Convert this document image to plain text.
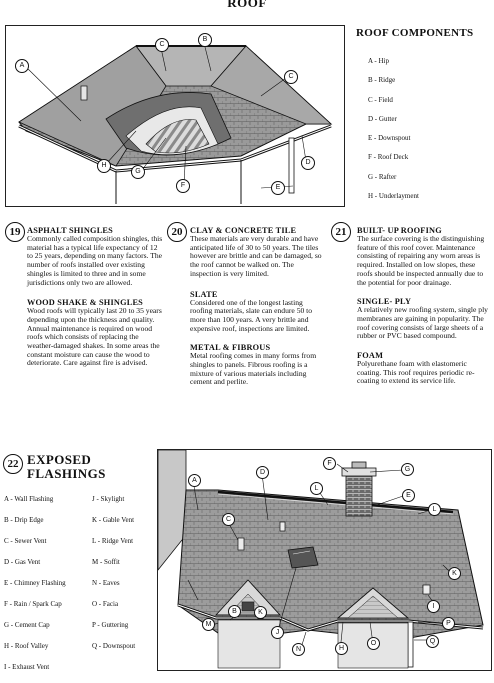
ROOF
A
B
C
C
D
E
F
G
H
ROOF COMPONENTS
A - Hip
B - Ridge
C - Field
D - Gutter
E - Downspout
F - Roof Deck
G - Rafter
H - Underlayment
19 ASPHALT SHINGLES

Commonly called composition shingles, this material has a typical life expectancy of 12 to 25 years, depending on many factors. The number of roofs installed over existing shingles is limited to three and in some jurisdictions only two are allowed.

WOOD SHAKE & SHINGLES

Wood roofs will typically last 20 to 35 years depending upon the thickness and quality. Annual maintenance is required on wood roofs which consists of replacing the weather-damaged shakes. In some areas the constant moisture can cause the wood to deteriorate. Care against fire is advised.

20 CLAY & CONCRETE TILE

These materials are very durable and have anticipated life of 30 to 50 years. The tiles however are brittle and can be damaged, so the roof cannot be walked on. The inspection is very limited.

SLATE

Considered one of the longest lasting roofing materials, slate can endure 50 to more than 100 years. A very brittle and expensive roof, inspections are limited.

METAL & FIBROUS

Metal roofing comes in many forms from shingles to panels. Fibrous roofing is a mixture of various materials including cement and perlite.

21	BUILT- UP ROOFING

The surface covering is the distinguishing feature of this roof cover. Maintenance consisting of repairing any worn areas is required. Installed on low slopes, these roofs should be inspected annually due to the potential for poor drainage.

SINGLE- PLY

A relatively new roofing system, single ply membranes are gaining in popularity. The roof covering consists of large sheets of a rubber or PVC based compound.

FOAM

Polyurethane foam with elastomeric coating. This roof requires periodic re-coating to extend its service life.

22 EXPOSED
FLASHINGS
A - Wall Flashing
B - Drip Edge
C - Sewer Vent
D - Gas Vent
E - Chimney Flashing
F - Rain / Spark Cap
G - Cement Cap
H - Roof Valley
I - Exhaust Vent
J - Skylight
K - Gable Vent
L - Ridge Vent
M - Soffit
N - Eaves
O - Facia
P - Guttering
Q - Downspout
A
B
C
D
E
F
G
H
I
J
K
K
L
L
M
N
O
P
Q
